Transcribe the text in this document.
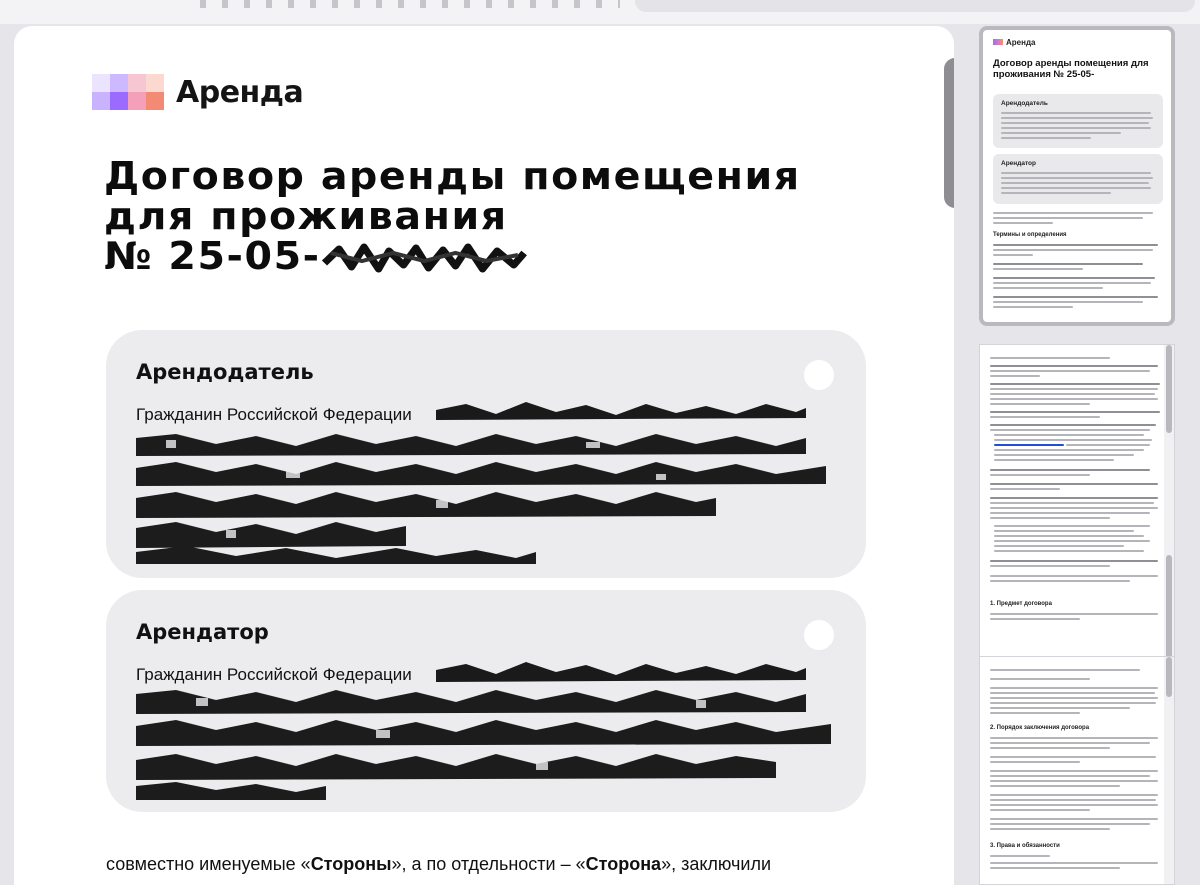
Аренда
Договор аренды помещения
для проживания
№ 25-05-
Арендодатель
Гражданин Российской Федерации
Арендатор
Гражданин Российской Федерации
совместно именуемые «Стороны», а по отдельности – «Сторона», заключили
Аренда
Договор аренды помещения для проживания № 25-05-
Арендодатель
Арендатор
Термины и определения
1. Предмет договора
2. Порядок заключения договора
3. Права и обязанности
